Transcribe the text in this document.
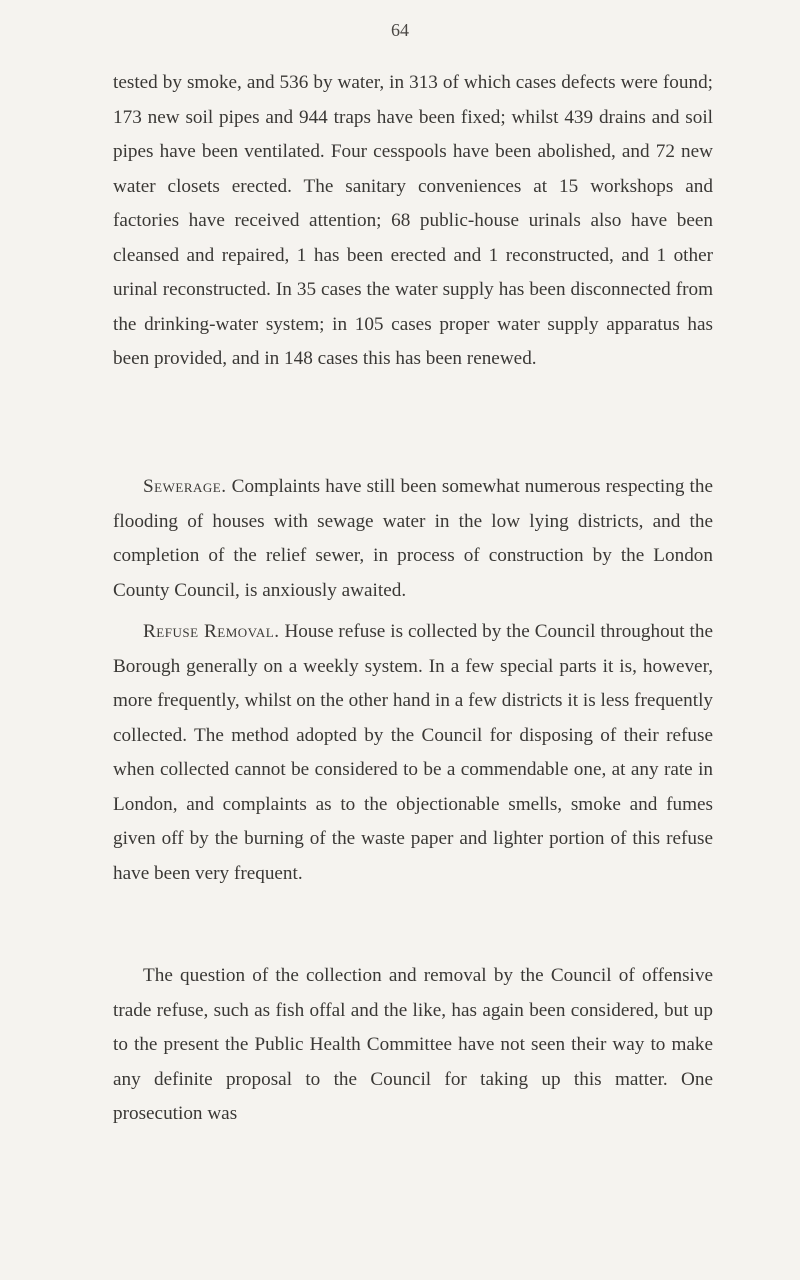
64

tested by smoke, and 536 by water, in 313 of which cases defects were found; 173 new soil pipes and 944 traps have been fixed; whilst 439 drains and soil pipes have been ventilated. Four cesspools have been abolished, and 72 new water closets erected. The sanitary conveniences at 15 workshops and factories have received attention; 68 public-house urinals also have been cleansed and repaired, 1 has been erected and 1 reconstructed, and 1 other urinal reconstructed. In 35 cases the water supply has been disconnected from the drinking-water system; in 105 cases proper water supply apparatus has been provided, and in 148 cases this has been renewed.

Sewerage. Complaints have still been somewhat numerous respecting the flooding of houses with sewage water in the low lying districts, and the completion of the relief sewer, in process of construction by the London County Council, is anxiously awaited.

Refuse Removal. House refuse is collected by the Council throughout the Borough generally on a weekly system. In a few special parts it is, however, more frequently, whilst on the other hand in a few districts it is less frequently collected. The method adopted by the Council for disposing of their refuse when collected cannot be considered to be a commendable one, at any rate in London, and complaints as to the objectionable smells, smoke and fumes given off by the burning of the waste paper and lighter portion of this refuse have been very frequent.

The question of the collection and removal by the Council of offensive trade refuse, such as fish offal and the like, has again been considered, but up to the present the Public Health Committee have not seen their way to make any definite proposal to the Council for taking up this matter. One prosecution was
